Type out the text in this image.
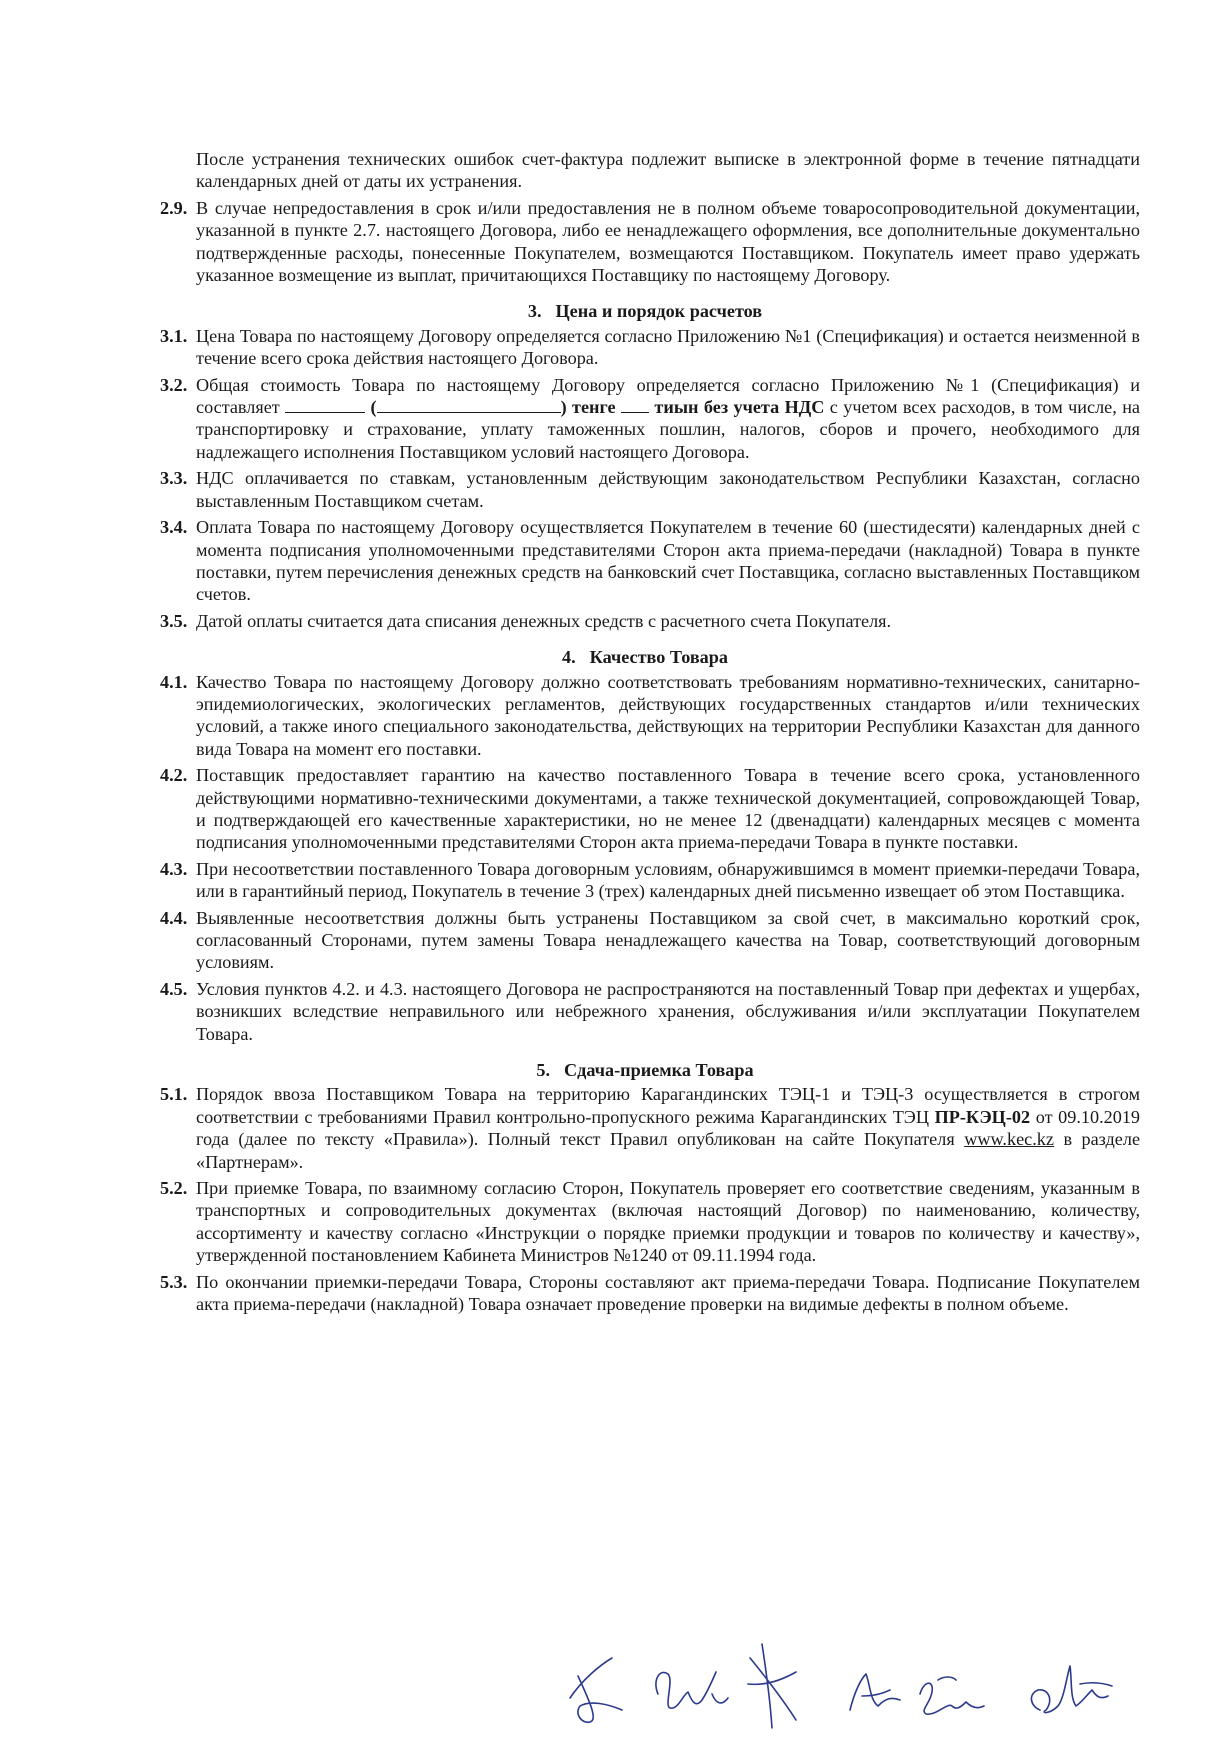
После устранения технических ошибок счет-фактура подлежит выписке в электронной форме в течение пятнадцати календарных дней от даты их устранения.

2.9. В случае непредоставления в срок и/или предоставления не в полном объеме товаросопроводительной документации, указанной в пункте 2.7. настоящего Договора, либо ее ненадлежащего оформления, все дополнительные документально подтвержденные расходы, понесенные Покупателем, возмещаются Поставщиком. Покупатель имеет право удержать указанное возмещение из выплат, причитающихся Поставщику по настоящему Договору.
3. Цена и порядок расчетов
3.1. Цена Товара по настоящему Договору определяется согласно Приложению №1 (Спецификация) и остается неизменной в течение всего срока действия настоящего Договора.
3.2. Общая стоимость Товара по настоящему Договору определяется согласно Приложению №1 (Спецификация) и составляет	(	) тенге тиын без учета НДС с учетом всех расходов, в том числе, на транспортировку и страхование, уплату таможенных пошлин, налогов, сборов и прочего, необходимого для надлежащего исполнения Поставщиком условий настоящего Договора.
3.3. НДС оплачивается по ставкам, установленным действующим законодательством Республики Казахстан, согласно выставленным Поставщиком счетам.
3.4. Оплата Товара по настоящему Договору осуществляется Покупателем в течение 60 (шестидесяти) календарных дней с момента подписания уполномоченными представителями Сторон акта приема-передачи (накладной) Товара в пункте поставки, путем перечисления денежных средств на банковский счет Поставщика, согласно выставленных Поставщиком счетов.
3.5. Датой оплаты считается дата списания денежных средств с расчетного счета Покупателя.
4. Качество Товара
4.1. Качество Товара по настоящему Договору должно соответствовать требованиям нормативно-технических, санитарно-эпидемиологических, экологических регламентов, действующих государственных стандартов и/или технических условий, а также иного специального законодательства, действующих на территории Республики Казахстан для данного вида Товара на момент его поставки.
4.2. Поставщик предоставляет гарантию на качество поставленного Товара в течение всего срока, установленного действующими нормативно-техническими документами, а также технической документацией, сопровождающей Товар, и подтверждающей его качественные характеристики, но не менее 12 (двенадцати) календарных месяцев с момента подписания уполномоченными представителями Сторон акта приема-передачи Товара в пункте поставки.
4.3. При несоответствии поставленного Товара договорным условиям, обнаружившимся в момент приемки-передачи Товара, или в гарантийный период, Покупатель в течение 3 (трех) календарных дней письменно извещает об этом Поставщика.
4.4. Выявленные несоответствия должны быть устранены Поставщиком за свой счет, в максимально короткий срок, согласованный Сторонами, путем замены Товара ненадлежащего качества на Товар, соответствующий договорным условиям.
4.5. Условия пунктов 4.2. и 4.3. настоящего Договора не распространяются на поставленный Товар при дефектах и ущербах, возникших вследствие неправильного или небрежного хранения, обслуживания и/или эксплуатации Покупателем Товара.
5. Сдача-приемка Товара
5.1. Порядок ввоза Поставщиком Товара на территорию Карагандинских ТЭЦ-1 и ТЭЦ-3 осуществляется в строгом соответствии с требованиями Правил контрольно-пропускного режима Карагандинских ТЭЦ ПР-КЭЦ-02 от 09.10.2019 года (далее по тексту «Правила»). Полный текст Правил опубликован на сайте Покупателя www.kec.kz в разделе «Партнерам».
5.2. При приемке Товара, по взаимному согласию Сторон, Покупатель проверяет его соответствие сведениям, указанным в транспортных и сопроводительных документах (включая настоящий Договор) по наименованию, количеству, ассортименту и качеству согласно «Инструкции о порядке приемки продукции и товаров по количеству и качеству», утвержденной постановлением Кабинета Министров №1240 от 09.11.1994 года.
5.3. По окончании приемки-передачи Товара, Стороны составляют акт приема-передачи Товара. Подписание Покупателем акта приема-передачи (накладной) Товара означает проведение проверки на видимые дефекты в полном объеме.
